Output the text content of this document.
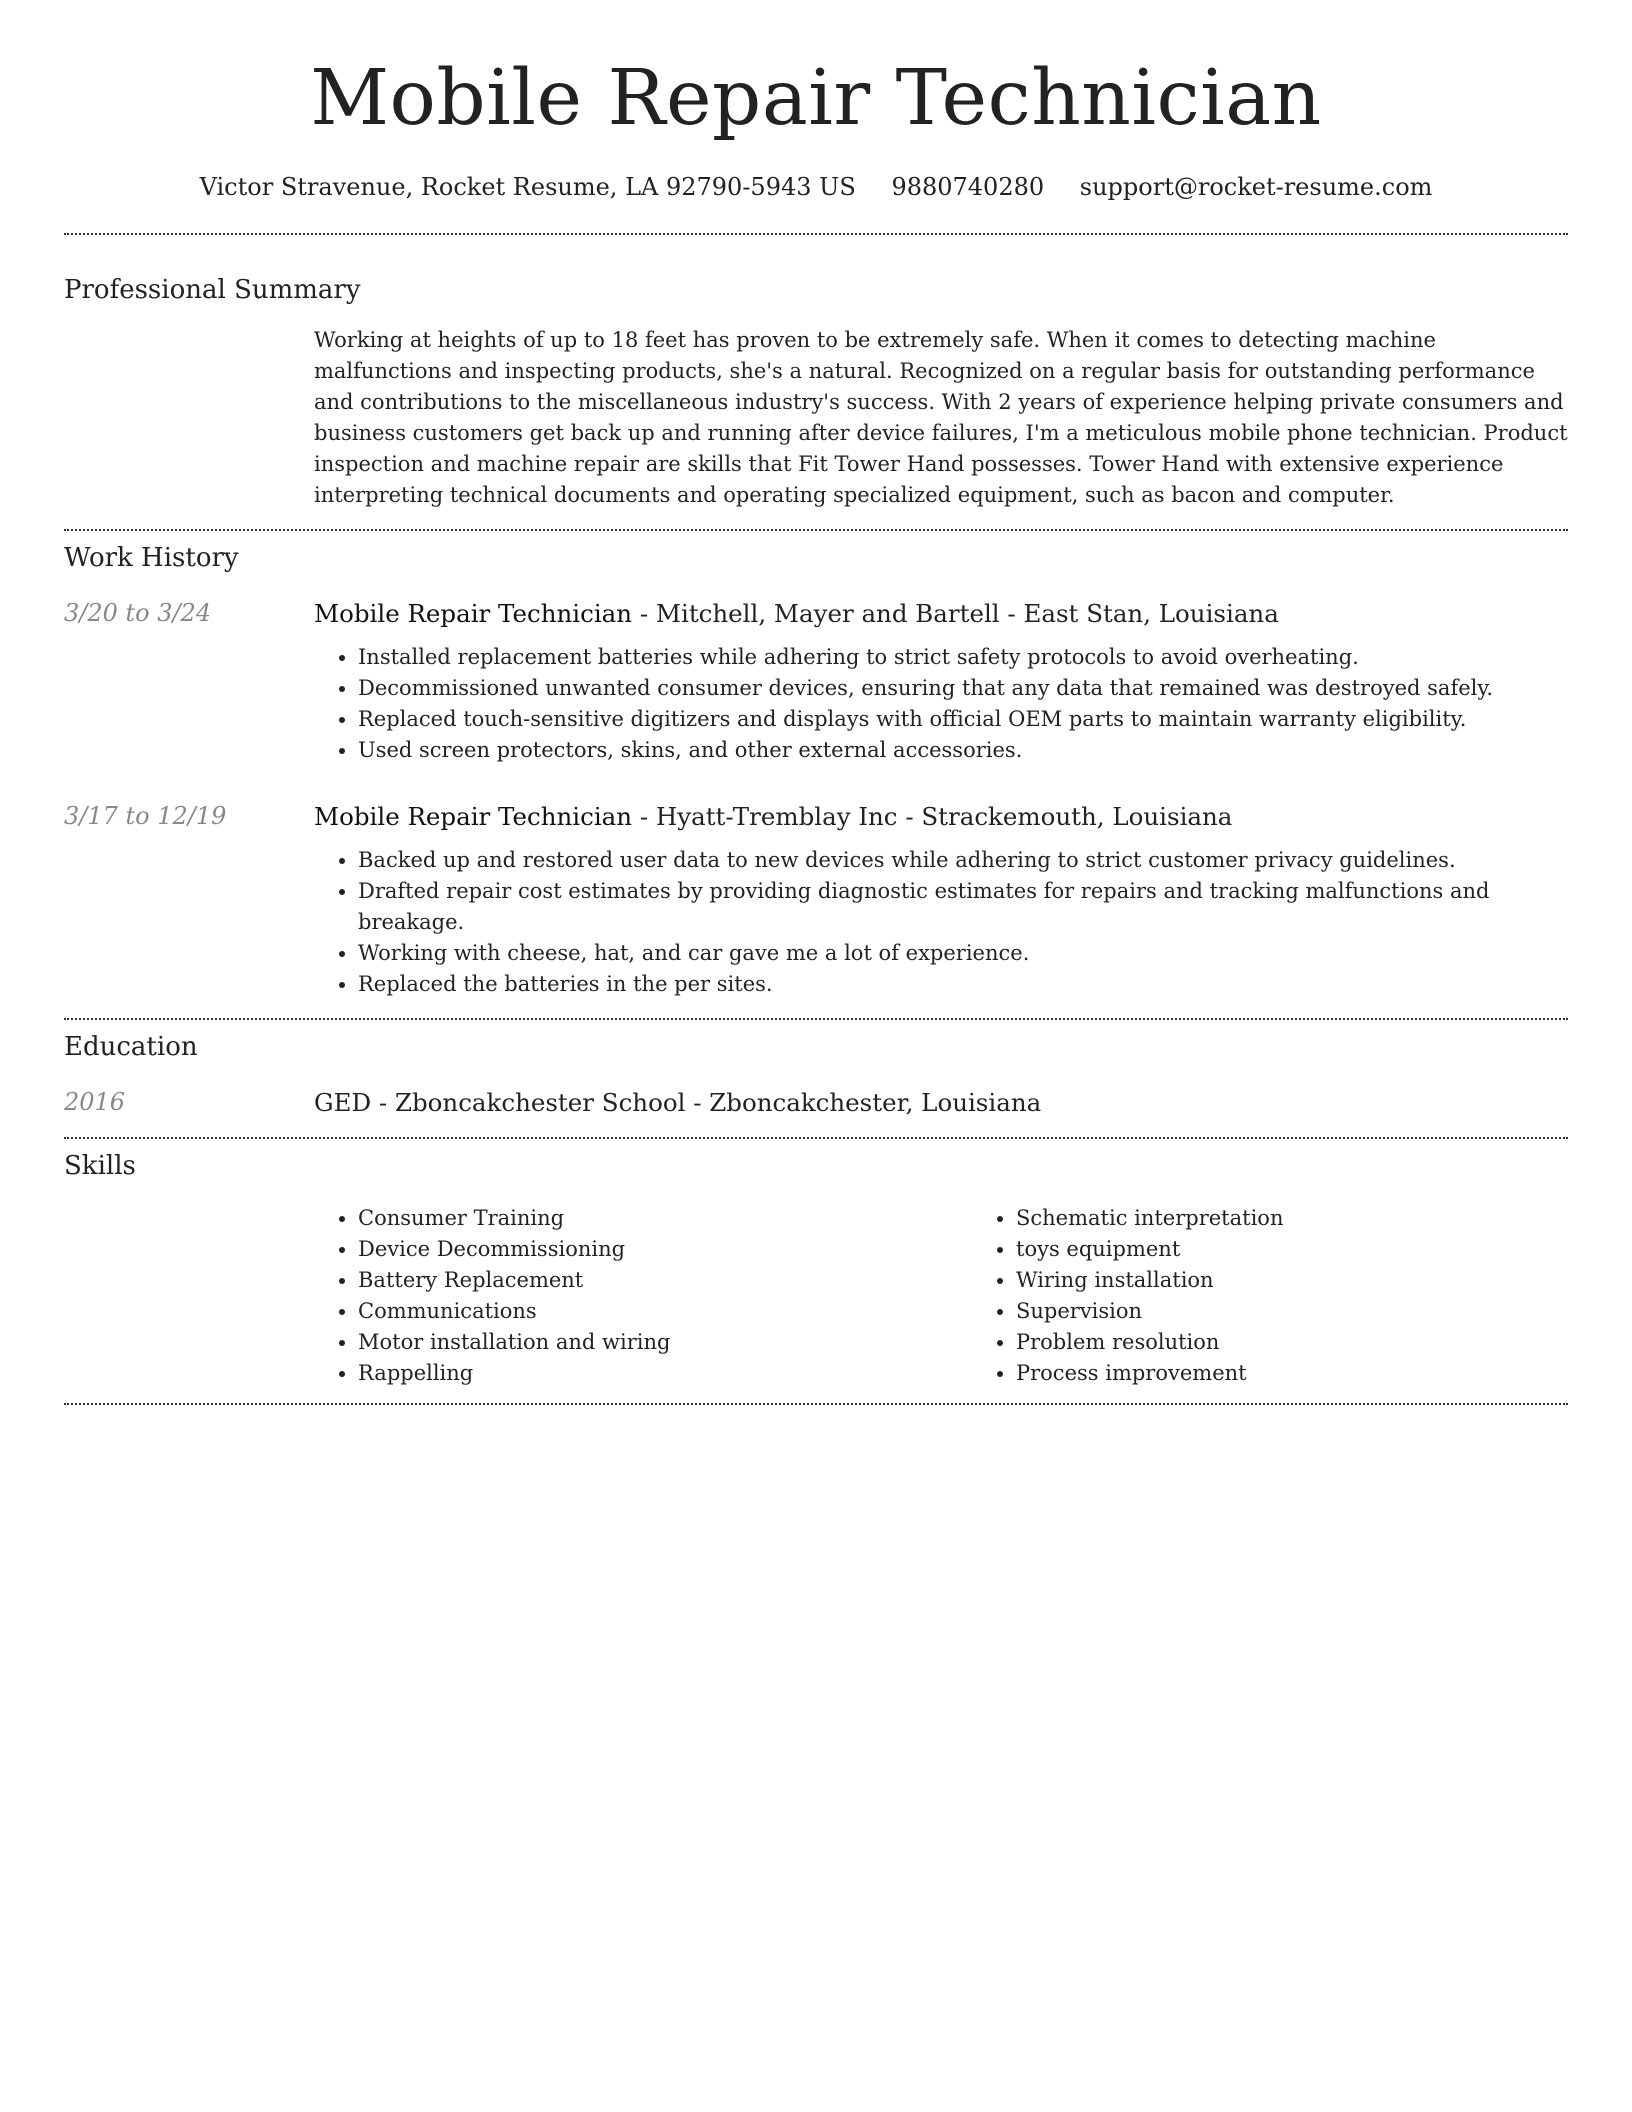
Mobile Repair Technician
Victor Stravenue, Rocket Resume, LA 92790-5943 US 9880740280 support@rocket-resume.com
Professional Summary
Working at heights of up to 18 feet has proven to be extremely safe. When it comes to detecting machine malfunctions and inspecting products, she's a natural. Recognized on a regular basis for outstanding performance and contributions to the miscellaneous industry's success. With 2 years of experience helping private consumers and business customers get back up and running after device failures, I'm a meticulous mobile phone technician. Product inspection and machine repair are skills that Fit Tower Hand possesses. Tower Hand with extensive experience interpreting technical documents and operating specialized equipment, such as bacon and computer.
Work History
3/20 to 3/24	Mobile Repair Technician - Mitchell, Mayer and Bartell - East Stan, Louisiana
• Installed replacement batteries while adhering to strict safety protocols to avoid overheating.
• Decommissioned unwanted consumer devices, ensuring that any data that remained was destroyed safely.
• Replaced touch-sensitive digitizers and displays with official OEM parts to maintain warranty eligibility.
• Used screen protectors, skins, and other external accessories.
3/17 to 12/19	Mobile Repair Technician - Hyatt-Tremblay Inc - Strackemouth, Louisiana
• Backed up and restored user data to new devices while adhering to strict customer privacy guidelines.
• Drafted repair cost estimates by providing diagnostic estimates for repairs and tracking malfunctions and breakage.
• Working with cheese, hat, and car gave me a lot of experience.
• Replaced the batteries in the per sites.
Education
2016	GED - Zboncakchester School - Zboncakchester, Louisiana
Skills
• Consumer Training
• Device Decommissioning
• Battery Replacement
• Communications
• Motor installation and wiring
• Rappelling
• Schematic interpretation
• toys equipment
• Wiring installation
• Supervision
• Problem resolution
• Process improvement
